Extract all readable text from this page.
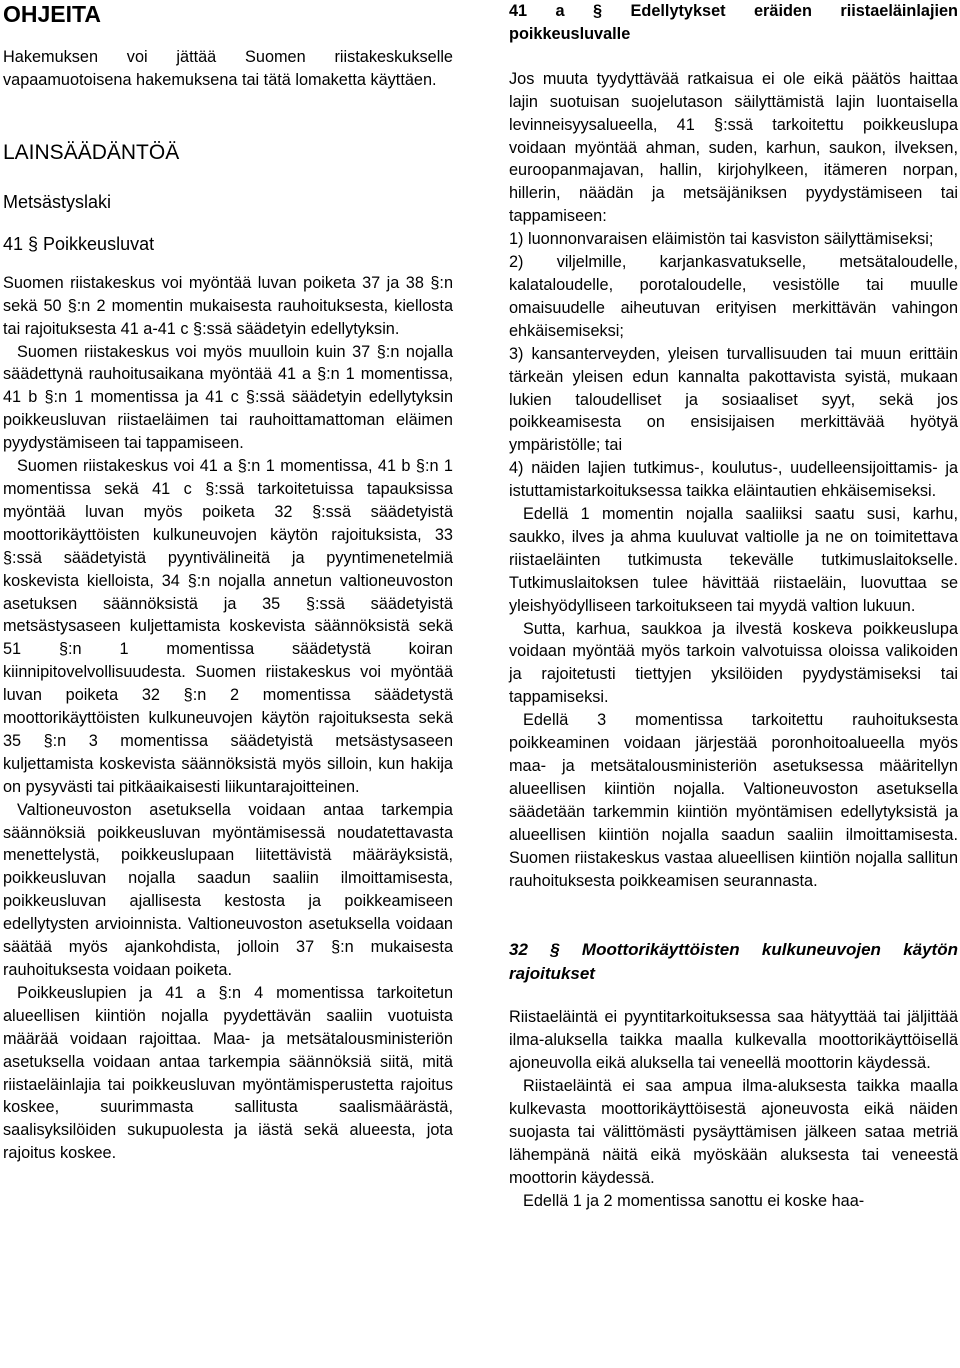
OHJEITA

Hakemuksen voi jättää Suomen riistakeskukselle vapaamuotoisena hakemuksena tai tätä lomaketta käyttäen.

LAINSÄÄDÄNTÖÄ

Metsästyslaki

41 § Poikkeusluvat

Suomen riistakeskus voi myöntää luvan poiketa 37 ja 38 §:n sekä 50 §:n 2 momentin mukaisesta rauhoituksesta, kiellosta tai rajoituksesta 41 a-41 c §:ssä säädetyin edellytyksin.

Suomen riistakeskus voi myös muulloin kuin 37 §:n nojalla säädettynä rauhoitusaikana myöntää 41 a §:n 1 momentissa, 41 b §:n 1 momentissa ja 41 c §:ssä säädetyin edellytyksin poikkeusluvan riistaeläimen tai rauhoittamattoman eläimen pyydystämiseen tai tappamiseen.

Suomen riistakeskus voi 41 a §:n 1 momentissa, 41 b §:n 1 momentissa sekä 41 c §:ssä tarkoitetuissa tapauksissa myöntää luvan myös poiketa 32 §:ssä säädetyistä moottorikäyttöisten kulkuneuvojen käytön rajoituksista, 33 §:ssä säädetyistä pyyntivälineitä ja pyyntimenetelmiä koskevista kielloista, 34 §:n nojalla annetun valtioneuvoston asetuksen säännöksistä ja 35 §:ssä säädetyistä metsästysaseen kuljettamista koskevista säännöksistä sekä 51 §:n 1 momentissa säädetystä koiran kiinnipitovelvollisuudesta. Suomen riistakeskus voi myöntää luvan poiketa 32 §:n 2 momentissa säädetystä moottorikäyttöisten kulkuneuvojen käytön rajoituksesta sekä 35 §:n 3 momentissa säädetyistä metsästysaseen kuljettamista koskevista säännöksistä myös silloin, kun hakija on pysyvästi tai pitkäaikaisesti liikuntarajoitteinen.

Valtioneuvoston asetuksella voidaan antaa tarkempia säännöksiä poikkeusluvan myöntämisessä noudatettavasta menettelystä, poikkeuslupaan liitettävistä määräyksistä, poikkeusluvan nojalla saadun saaliin ilmoittamisesta, poikkeusluvan ajallisesta kestosta ja poikkeamiseen edellytysten arvioinnista. Valtioneuvoston asetuksella voidaan säätää myös ajankohdista, jolloin 37 §:n mukaisesta rauhoituksesta voidaan poiketa.

Poikkeuslupien ja 41 a §:n 4 momentissa tarkoitetun alueellisen kiintiön nojalla pyydettävän saaliin vuotuista määrää voidaan rajoittaa. Maa- ja metsätalousministeriön asetuksella voidaan antaa tarkempia säännöksiä siitä, mitä riistaeläinlajia tai poikkeusluvan myöntämisperustetta rajoitus koskee, suurimmasta sallitusta saalismäärästä, saalisyksilöiden sukupuolesta ja iästä sekä alueesta, jota rajoitus koskee.

41 a § Edellytykset eräiden riistaeläinlajien poikkeusluvalle

Jos muuta tyydyttävää ratkaisua ei ole eikä päätös haittaa lajin suotuisan suojelutason säilyttämistä lajin luontaisella levinneisyysalueella, 41 §:ssä tarkoitettu poikkeuslupa voidaan myöntää ahman, suden, karhun, saukon, ilveksen, euroopanmajavan, hallin, kirjohylkeen, itämeren norpan, hillerin, näädän ja metsäjäniksen pyydystämiseen tai tappamiseen:

1) luonnonvaraisen eläimistön tai kasviston säilyttämiseksi;

2) viljelmille, karjankasvatukselle, metsätaloudelle, kalataloudelle, porotaloudelle, vesistölle tai muulle omaisuudelle aiheutuvan erityisen merkittävän vahingon ehkäisemiseksi;

3) kansanterveyden, yleisen turvallisuuden tai muun erittäin tärkeän yleisen edun kannalta pakottavista syistä, mukaan lukien taloudelliset ja sosiaaliset syyt, sekä jos poikkeamisesta on ensisijaisen merkittävää hyötyä ympäristölle; tai

4) näiden lajien tutkimus-, koulutus-, uudelleensijoittamis- ja istuttamistarkoituksessa taikka eläintautien ehkäisemiseksi.

Edellä 1 momentin nojalla saaliiksi saatu susi, karhu, saukko, ilves ja ahma kuuluvat valtiolle ja ne on toimitettava riistaeläinten tutkimusta tekevälle tutkimuslaitokselle. Tutkimuslaitoksen tulee hävittää riistaeläin, luovuttaa se yleishyödylliseen tarkoitukseen tai myydä valtion lukuun.

Sutta, karhua, saukkoa ja ilvestä koskeva poikkeuslupa voidaan myöntää myös tarkoin valvotuissa oloissa valikoiden ja rajoitetusti tiettyjen yksilöiden pyydystämiseksi tai tappamiseksi.

Edellä 3 momentissa tarkoitettu rauhoituksesta poikkeaminen voidaan järjestää poronhoitoalueella myös maa- ja metsätalousministeriön asetuksessa määritellyn alueellisen kiintiön nojalla. Valtioneuvoston asetuksella säädetään tarkemmin kiintiön myöntämisen edellytyksistä ja alueellisen kiintiön nojalla saadun saaliin ilmoittamisesta. Suomen riistakeskus vastaa alueellisen kiintiön nojalla sallitun rauhoituksesta poikkeamisen seurannasta.

32 § Moottorikäyttöisten kulkuneuvojen käytön rajoitukset

Riistaeläintä ei pyyntitarkoituksessa saa hätyyttää tai jäljittää ilma-aluksella taikka maalla kulkevalla moottorikäyttöisellä ajoneuvolla eikä aluksella tai veneellä moottorin käydessä.

Riistaeläintä ei saa ampua ilma-aluksesta taikka maalla kulkevasta moottorikäyttöisestä ajoneuvosta eikä näiden suojasta tai välittömästi pysäyttämisen jälkeen sataa metriä lähempänä näitä eikä myöskään aluksesta tai veneestä moottorin käydessä.

Edellä 1 ja 2 momentissa sanottu ei koske haa-
